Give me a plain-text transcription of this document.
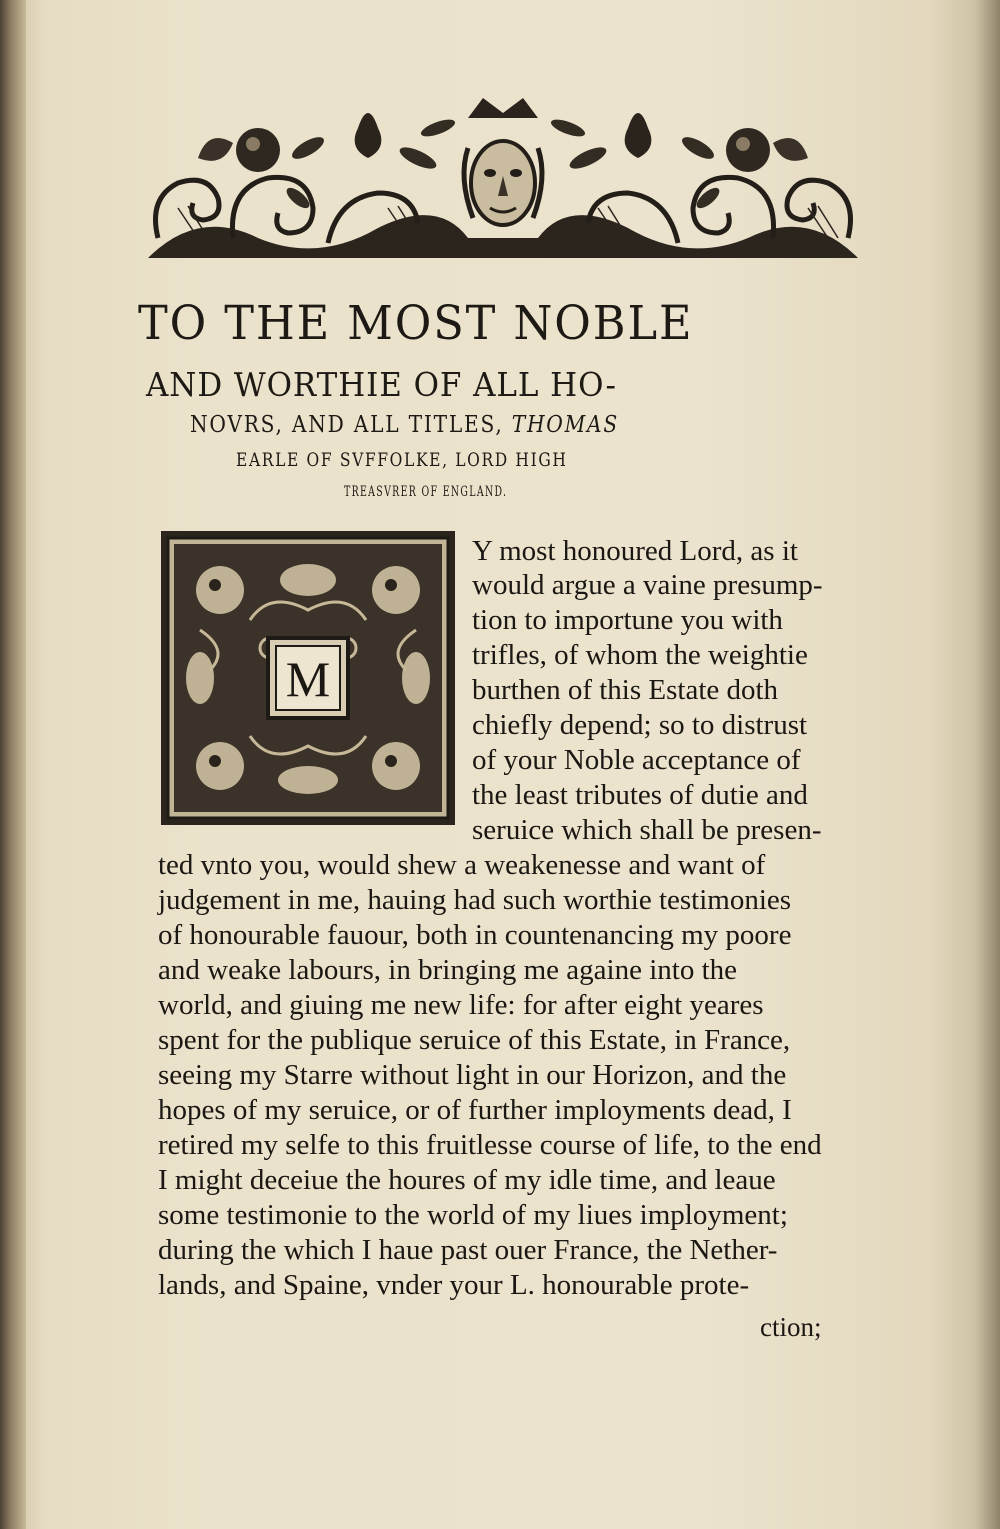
TO THE MOST NOBLE
AND WORTHIE OF ALL HO-
NOVRS, AND ALL TITLES, THOMAS
EARLE OF SVFFOLKE, LORD HIGH
TREASVRER OF ENGLAND.
M

Y most honoured Lord, as it

would argue a vaine presump-

tion to importune you with

trifles, of whom the weightie

burthen of this Estate doth

chiefly depend; so to distrust

of your Noble acceptance of

the least tributes of dutie and

seruice which shall be presen-

ted vnto you, would shew a weakenesse and want of

judgement in me, hauing had such worthie testimonies

of honourable fauour, both in countenancing my poore

and weake labours, in bringing me againe into the

world, and giuing me new life: for after eight yeares

spent for the publique seruice of this Estate, in France,

seeing my Starre without light in our Horizon, and the

hopes of my seruice, or of further imployments dead, I

retired my selfe to this fruitlesse course of life, to the end

I might deceiue the houres of my idle time, and leaue

some testimonie to the world of my liues imployment;

during the which I haue past ouer France, the Nether-

lands, and Spaine, vnder your L. honourable prote-

ction;
